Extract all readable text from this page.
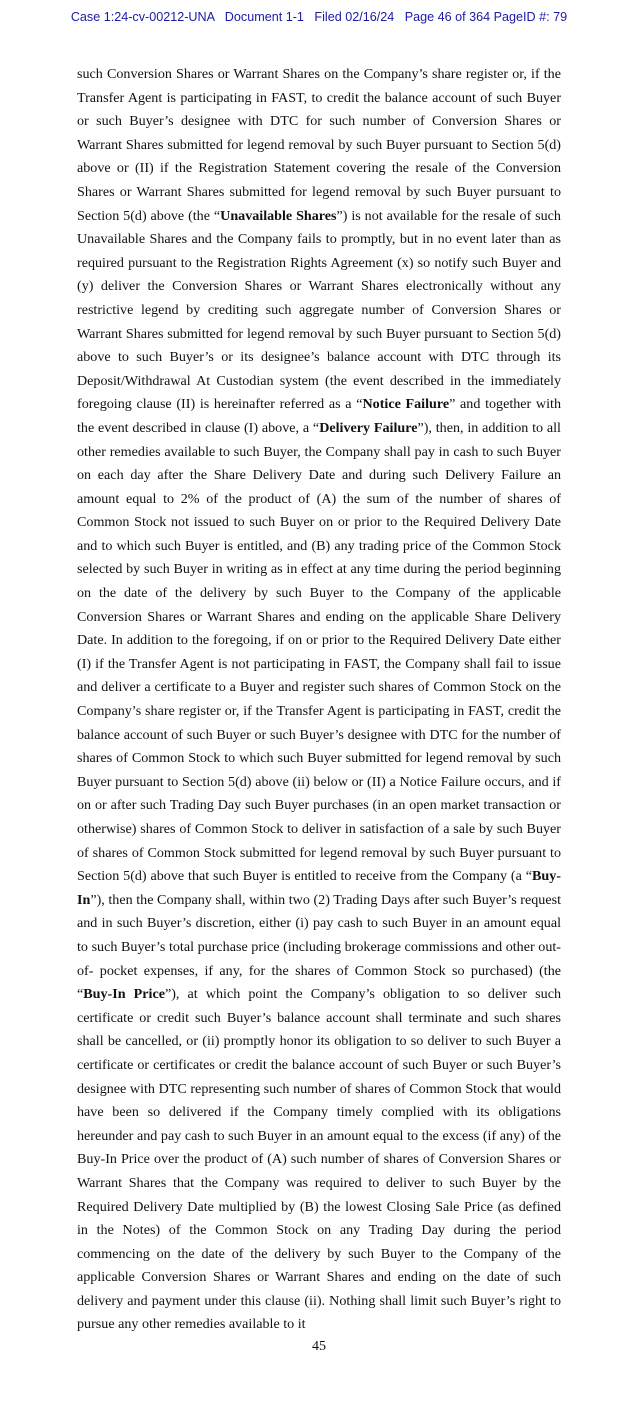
Case 1:24-cv-00212-UNA   Document 1-1   Filed 02/16/24   Page 46 of 364 PageID #: 79
such Conversion Shares or Warrant Shares on the Company’s share register or, if the Transfer Agent is participating in FAST, to credit the balance account of such Buyer or such Buyer’s designee with DTC for such number of Conversion Shares or Warrant Shares submitted for legend removal by such Buyer pursuant to Section 5(d) above or (II) if the Registration Statement covering the resale of the Conversion Shares or Warrant Shares submitted for legend removal by such Buyer pursuant to Section 5(d) above (the “Unavailable Shares”) is not available for the resale of such Unavailable Shares and the Company fails to promptly, but in no event later than as required pursuant to the Registration Rights Agreement (x) so notify such Buyer and (y) deliver the Conversion Shares or Warrant Shares electronically without any restrictive legend by crediting such aggregate number of Conversion Shares or Warrant Shares submitted for legend removal by such Buyer pursuant to Section 5(d) above to such Buyer’s or its designee’s balance account with DTC through its Deposit/Withdrawal At Custodian system (the event described in the immediately foregoing clause (II) is hereinafter referred as a “Notice Failure” and together with the event described in clause (I) above, a “Delivery Failure”), then, in addition to all other remedies available to such Buyer, the Company shall pay in cash to such Buyer on each day after the Share Delivery Date and during such Delivery Failure an amount equal to 2% of the product of (A) the sum of the number of shares of Common Stock not issued to such Buyer on or prior to the Required Delivery Date and to which such Buyer is entitled, and (B) any trading price of the Common Stock selected by such Buyer in writing as in effect at any time during the period beginning on the date of the delivery by such Buyer to the Company of the applicable Conversion Shares or Warrant Shares and ending on the applicable Share Delivery Date. In addition to the foregoing, if on or prior to the Required Delivery Date either (I) if the Transfer Agent is not participating in FAST, the Company shall fail to issue and deliver a certificate to a Buyer and register such shares of Common Stock on the Company’s share register or, if the Transfer Agent is participating in FAST, credit the balance account of such Buyer or such Buyer’s designee with DTC for the number of shares of Common Stock to which such Buyer submitted for legend removal by such Buyer pursuant to Section 5(d) above (ii) below or (II) a Notice Failure occurs, and if on or after such Trading Day such Buyer purchases (in an open market transaction or otherwise) shares of Common Stock to deliver in satisfaction of a sale by such Buyer of shares of Common Stock submitted for legend removal by such Buyer pursuant to Section 5(d) above that such Buyer is entitled to receive from the Company (a “Buy-In”), then the Company shall, within two (2) Trading Days after such Buyer’s request and in such Buyer’s discretion, either (i) pay cash to such Buyer in an amount equal to such Buyer’s total purchase price (including brokerage commissions and other out-of- pocket expenses, if any, for the shares of Common Stock so purchased) (the “Buy-In Price”), at which point the Company’s obligation to so deliver such certificate or credit such Buyer’s balance account shall terminate and such shares shall be cancelled, or (ii) promptly honor its obligation to so deliver to such Buyer a certificate or certificates or credit the balance account of such Buyer or such Buyer’s designee with DTC representing such number of shares of Common Stock that would have been so delivered if the Company timely complied with its obligations hereunder and pay cash to such Buyer in an amount equal to the excess (if any) of the Buy-In Price over the product of (A) such number of shares of Conversion Shares or Warrant Shares that the Company was required to deliver to such Buyer by the Required Delivery Date multiplied by (B) the lowest Closing Sale Price (as defined in the Notes) of the Common Stock on any Trading Day during the period commencing on the date of the delivery by such Buyer to the Company of the applicable Conversion Shares or Warrant Shares and ending on the date of such delivery and payment under this clause (ii). Nothing shall limit such Buyer’s right to pursue any other remedies available to it
45
